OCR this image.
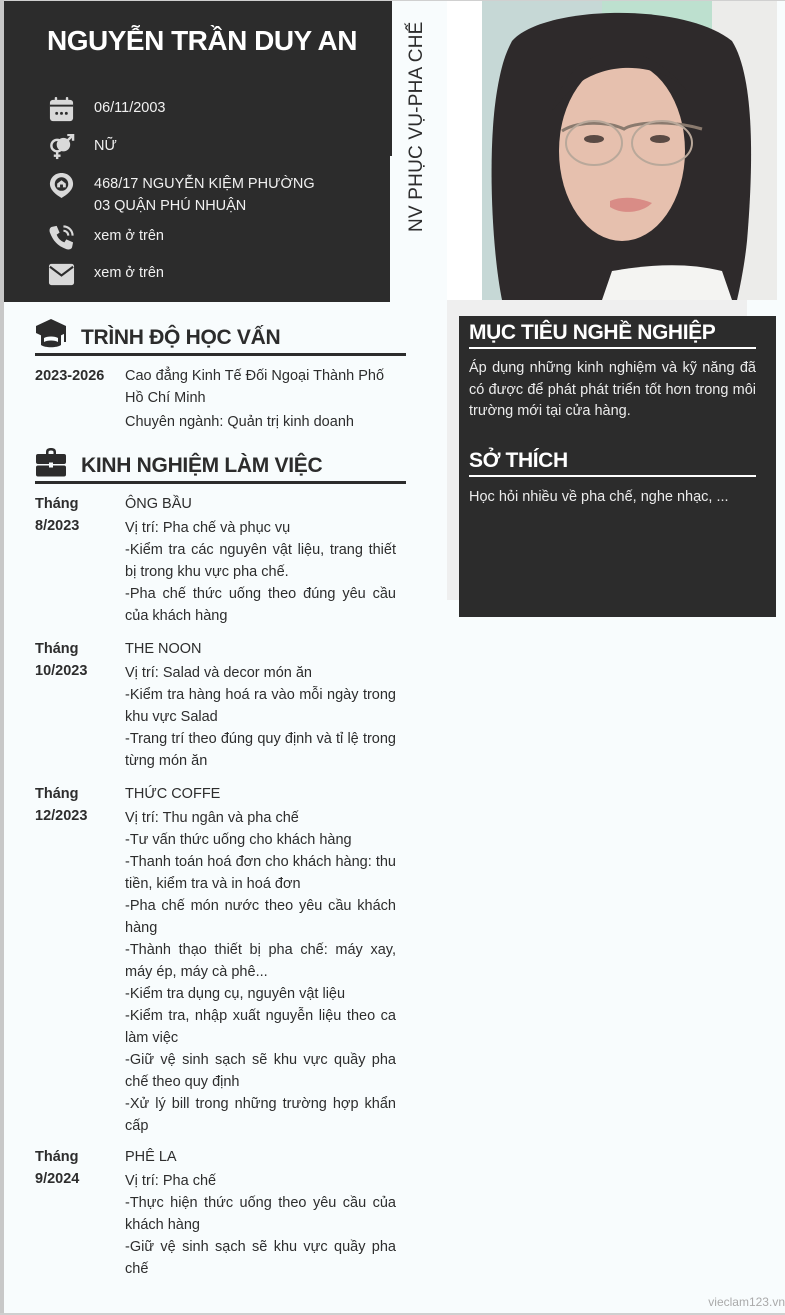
NGUYỄN TRẦN DUY AN
06/11/2003
NỮ
468/17 NGUYỄN KIỆM PHƯỜNG 03 QUẬN PHÚ NHUẬN
xem ở trên
xem ở trên
NV PHỤC VỤ-PHA CHẾ
MỤC TIÊU NGHỀ NGHIỆP
Áp dụng những kinh nghiệm và kỹ năng đã có được để phát phát triển tốt hơn trong môi trường mới tại cửa hàng.
SỞ THÍCH
Học hỏi nhiều về pha chế, nghe nhạc, ...
TRÌNH ĐỘ HỌC VẤN
2023-2026	Cao đẳng Kinh Tế Đối Ngoại Thành Phố Hồ Chí Minh
Chuyên ngành: Quản trị kinh doanh
KINH NGHIỆM LÀM VIỆC
Tháng 8/2023
ÔNG BẦU
Vị trí: Pha chế và phục vụ
-Kiểm tra các nguyên vật liệu, trang thiết bị trong khu vực pha chế.
-Pha chế thức uống theo đúng yêu cầu của khách hàng
Tháng 10/2023
THE NOON
Vị trí: Salad và decor món ăn
-Kiểm tra hàng hoá ra vào mỗi ngày trong khu vực Salad
-Trang trí theo đúng quy định và tỉ lệ trong từng món ăn
Tháng 12/2023
THỨC COFFE
Vị trí: Thu ngân và pha chế
-Tư vấn thức uống cho khách hàng
-Thanh toán hoá đơn cho khách hàng: thu tiền, kiểm tra và in hoá đơn
-Pha chế món nước theo yêu cầu khách hàng
-Thành thạo thiết bị pha chế: máy xay, máy ép, máy cà phê...
-Kiểm tra dụng cụ, nguyên vật liệu
-Kiểm tra, nhập xuất nguyễn liệu theo ca làm việc
-Giữ vệ sinh sạch sẽ khu vực quầy pha chế theo quy định
-Xử lý bill trong những trường hợp khẩn cấp
Tháng 9/2024
PHÊ LA
Vị trí: Pha chế
-Thực hiện thức uống theo yêu cầu của khách hàng
-Giữ vệ sinh sạch sẽ khu vực quầy pha chế
vieclam123.vn
